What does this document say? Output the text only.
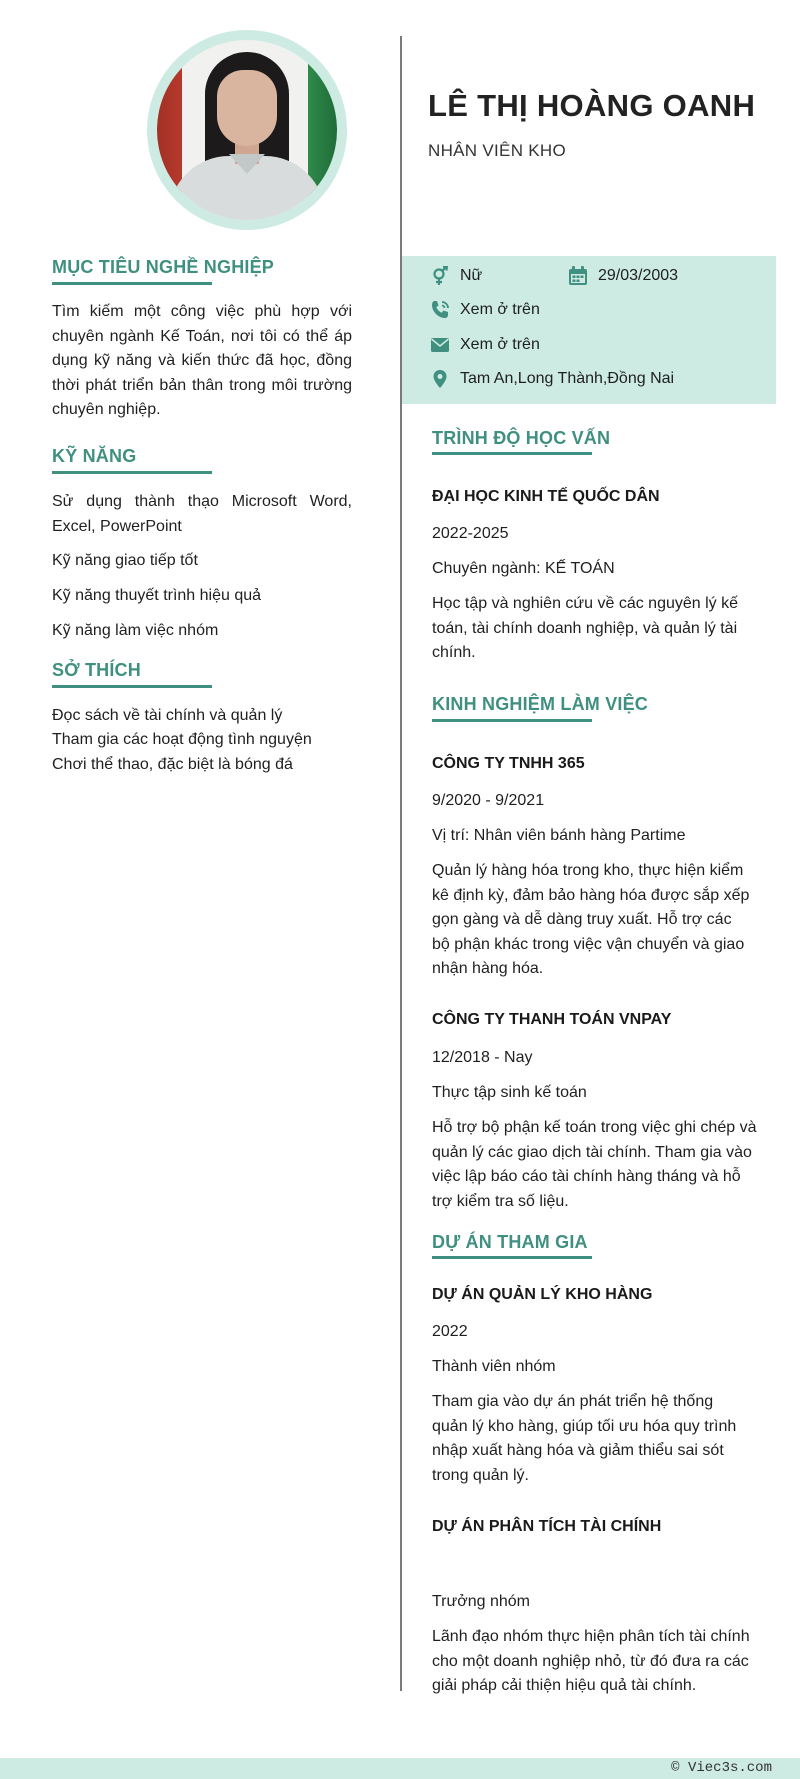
MỤC TIÊU NGHỀ NGHIỆP
Tìm kiếm một công việc phù hợp với chuyên ngành Kế Toán, nơi tôi có thể áp dụng kỹ năng và kiến thức đã học, đồng thời phát triển bản thân trong môi trường chuyên nghiệp.
KỸ NĂNG
Sử dụng thành thạo Microsoft Word, Excel, PowerPoint
Kỹ năng giao tiếp tốt
Kỹ năng thuyết trình hiệu quả
Kỹ năng làm việc nhóm
SỞ THÍCH
Đọc sách về tài chính và quản lý
Tham gia các hoạt động tình nguyện
Chơi thể thao, đặc biệt là bóng đá
LÊ THỊ HOÀNG OANH
NHÂN VIÊN KHO
Nữ	29/03/2003
Xem ở trên
Xem ở trên
Tam An,Long Thành,Đồng Nai
TRÌNH ĐỘ HỌC VẤN
ĐẠI HỌC KINH TẾ QUỐC DÂN
2022-2025
Chuyên ngành: KẾ TOÁN
Học tập và nghiên cứu về các nguyên lý kế toán, tài chính doanh nghiệp, và quản lý tài chính.
KINH NGHIỆM LÀM VIỆC
CÔNG TY TNHH 365
9/2020 - 9/2021
Vị trí: Nhân viên bánh hàng Partime
Quản lý hàng hóa trong kho, thực hiện kiểm kê định kỳ, đảm bảo hàng hóa được sắp xếp gọn gàng và dễ dàng truy xuất. Hỗ trợ các bộ phận khác trong việc vận chuyển và giao nhận hàng hóa.
CÔNG TY THANH TOÁN VNPAY
12/2018 - Nay
Thực tập sinh kế toán
Hỗ trợ bộ phận kế toán trong việc ghi chép và quản lý các giao dịch tài chính. Tham gia vào việc lập báo cáo tài chính hàng tháng và hỗ trợ kiểm tra số liệu.
DỰ ÁN THAM GIA
DỰ ÁN QUẢN LÝ KHO HÀNG
2022
Thành viên nhóm
Tham gia vào dự án phát triển hệ thống quản lý kho hàng, giúp tối ưu hóa quy trình nhập xuất hàng hóa và giảm thiểu sai sót trong quản lý.
DỰ ÁN PHÂN TÍCH TÀI CHÍNH
Trưởng nhóm
Lãnh đạo nhóm thực hiện phân tích tài chính cho một doanh nghiệp nhỏ, từ đó đưa ra các giải pháp cải thiện hiệu quả tài chính.
© Viec3s.com
